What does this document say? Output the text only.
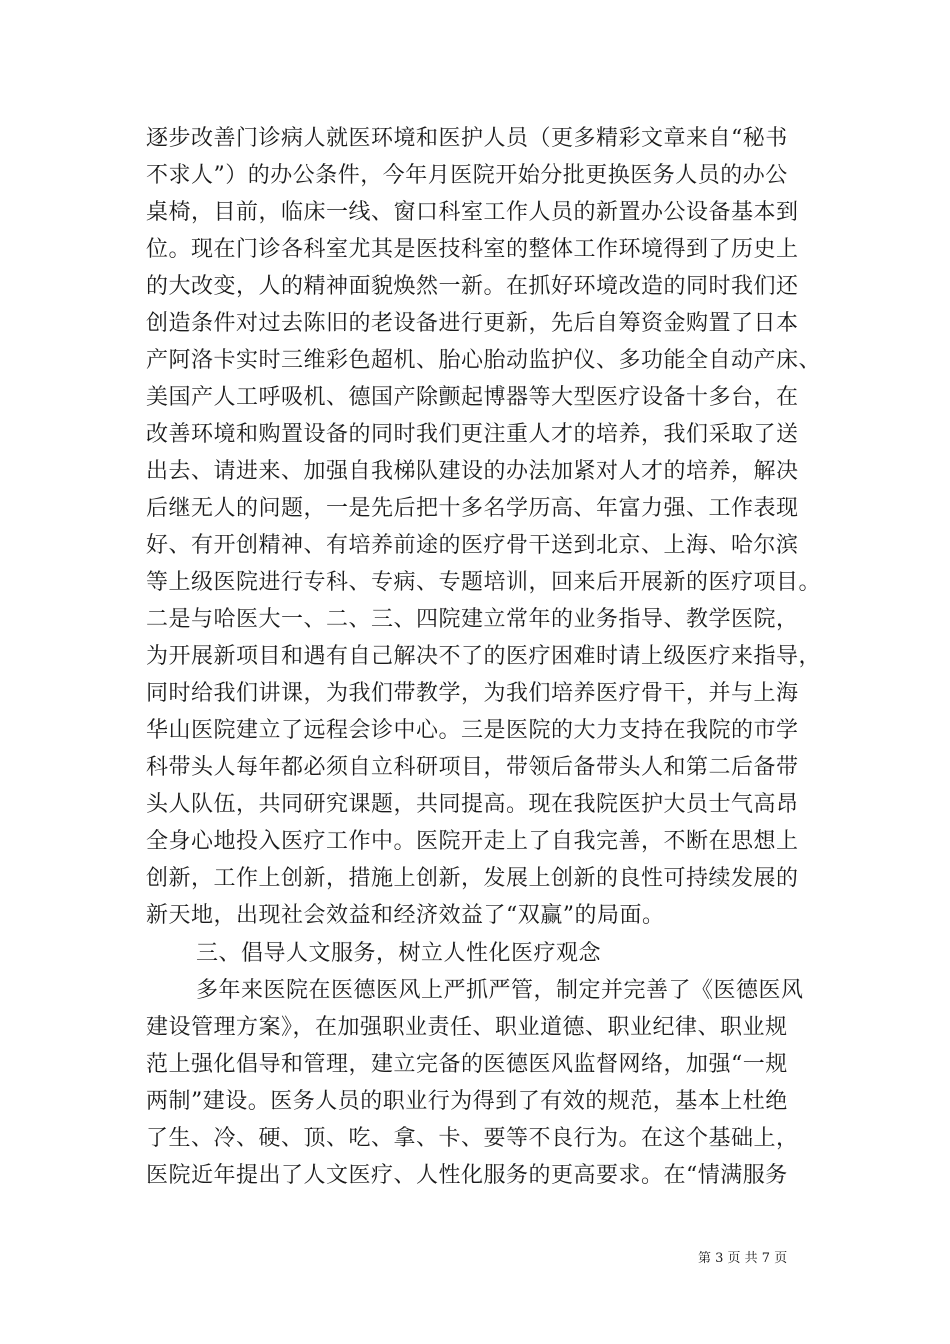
逐步改善门诊病人就医环境和医护人员（更多精彩文章来自“秘书
不求人”）的办公条件，今年月医院开始分批更换医务人员的办公
桌椅，目前，临床一线、窗口科室工作人员的新置办公设备基本到
位。现在门诊各科室尤其是医技科室的整体工作环境得到了历史上
的大改变，人的精神面貌焕然一新。在抓好环境改造的同时我们还
创造条件对过去陈旧的老设备进行更新，先后自筹资金购置了日本
产阿洛卡实时三维彩色超机、胎心胎动监护仪、多功能全自动产床、
美国产人工呼吸机、德国产除颤起博器等大型医疗设备十多台，在
改善环境和购置设备的同时我们更注重人才的培养，我们采取了送
出去、请进来、加强自我梯队建设的办法加紧对人才的培养，解决
后继无人的问题，一是先后把十多名学历高、年富力强、工作表现
好、有开创精神、有培养前途的医疗骨干送到北京、上海、哈尔滨
等上级医院进行专科、专病、专题培训，回来后开展新的医疗项目。
二是与哈医大一、二、三、四院建立常年的业务指导、教学医院，
为开展新项目和遇有自己解决不了的医疗困难时请上级医疗来指导，
同时给我们讲课，为我们带教学，为我们培养医疗骨干，并与上海
华山医院建立了远程会诊中心。三是医院的大力支持在我院的市学
科带头人每年都必须自立科研项目，带领后备带头人和第二后备带
头人队伍，共同研究课题，共同提高。现在我院医护大员士气高昂
全身心地投入医疗工作中。医院开走上了自我完善，不断在思想上
创新，工作上创新，措施上创新，发展上创新的良性可持续发展的
新天地，出现社会效益和经济效益了“双赢”的局面。
三、倡导人文服务，树立人性化医疗观念
多年来医院在医德医风上严抓严管，制定并完善了《医德医风
建设管理方案》，在加强职业责任、职业道德、职业纪律、职业规
范上强化倡导和管理，建立完备的医德医风监督网络，加强“一规
两制”建设。医务人员的职业行为得到了有效的规范，基本上杜绝
了生、冷、硬、顶、吃、拿、卡、要等不良行为。在这个基础上，
医院近年提出了人文医疗、人性化服务的更高要求。在“情满服务
第 3 页 共 7 页
